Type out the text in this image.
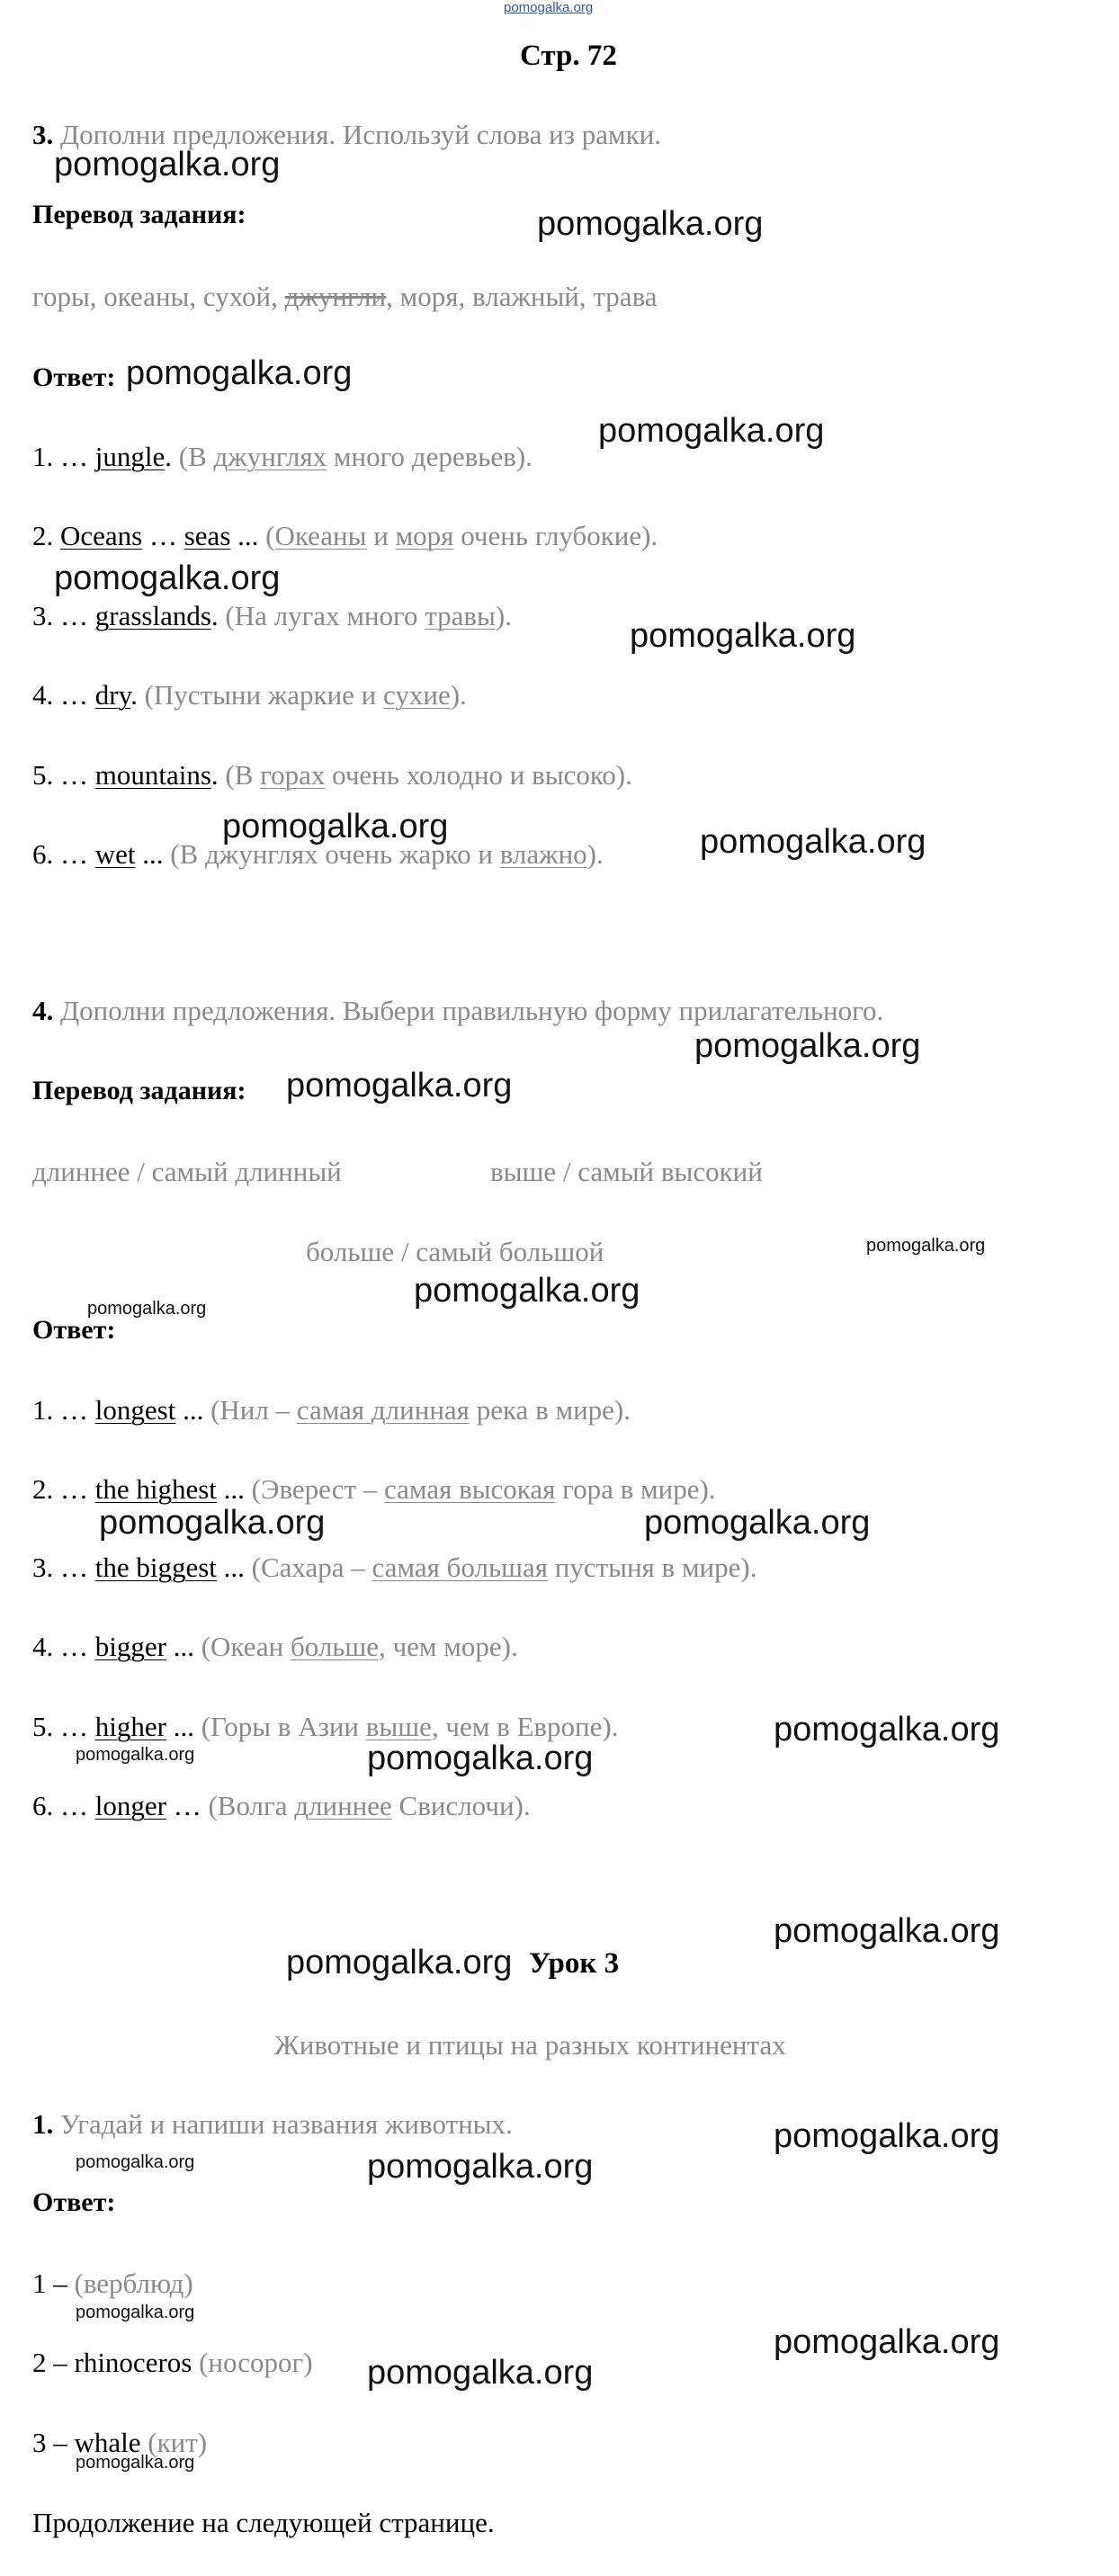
pomogalka.org
Стр. 72
3. Дополни предложения. Используй слова из рамки.
Перевод задания:
горы, океаны, сухой, джунгли, моря, влажный, трава
Ответ:
1. … jungle. (В джунглях много деревьев).
2. Oceans … seas ... (Океаны и моря очень глубокие).
3. … grasslands. (На лугах много травы).
4. … dry. (Пустыни жаркие и сухие).
5. … mountains. (В горах очень холодно и высоко).
6. … wet ... (В джунглях очень жарко и влажно).
4. Дополни предложения. Выбери правильную форму прилагательного.
Перевод задания:
длиннее / самый длинный	выше / самый высокий
больше / самый большой
Ответ:
1. … longest ... (Нил – самая длинная река в мире).
2. … the highest ... (Эверест – самая высокая гора в мире).
3. … the biggest ... (Сахара – самая большая пустыня в мире).
4. … bigger ... (Океан больше, чем море).
5. … higher ... (Горы в Азии выше, чем в Европе).
6. … longer … (Волга длиннее Свислочи).
Урок 3
Животные и птицы на разных континентах
1. Угадай и напиши названия животных.
Ответ:
1 – (верблюд)
2 – rhinoceros (носорог)
3 – whale (кит)
Продолжение на следующей странице.
pomogalka.org
pomogalka.org
pomogalka.org
pomogalka.org
pomogalka.org
pomogalka.org
pomogalka.org	pomogalka.org
pomogalka.org
pomogalka.org
pomogalka.org
pomogalka.org
pomogalka.org
pomogalka.org	pomogalka.org
pomogalka.org
pomogalka.org	pomogalka.org
pomogalka.org
pomogalka.org
pomogalka.org
pomogalka.org	pomogalka.org
pomogalka.org
pomogalka.org
pomogalka.org
pomogalka.org
